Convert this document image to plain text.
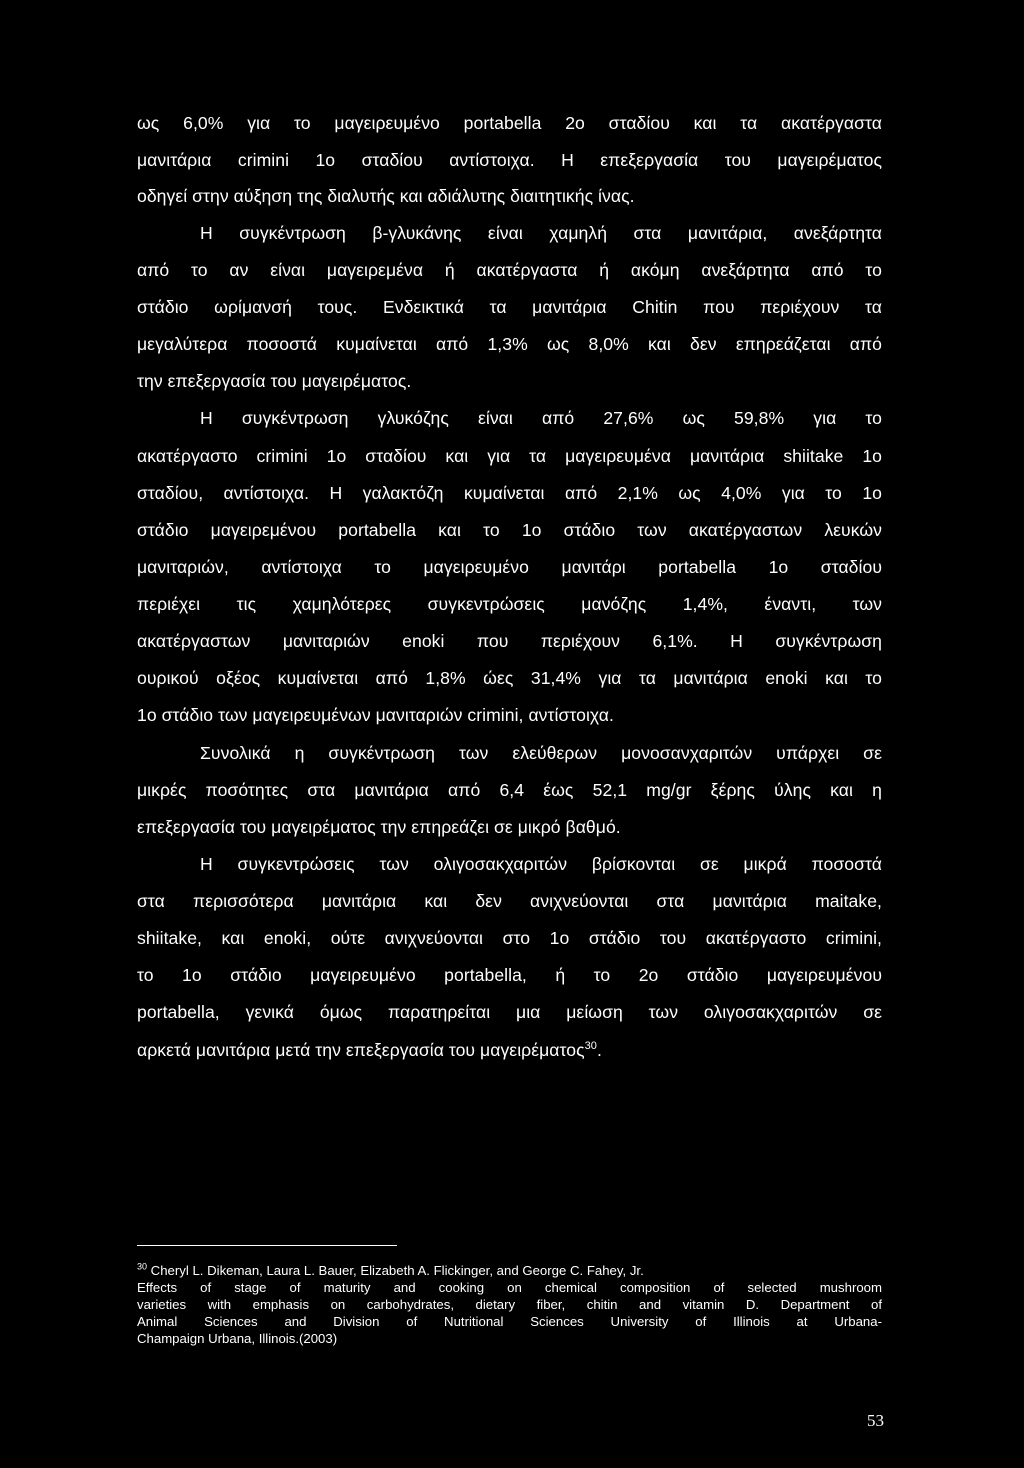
ως 6,0% για το μαγειρευμένο portabella 2ο σταδίου και τα ακατέργαστα
μανιτάρια crimini 1ο σταδίου αντίστοιχα. Η επεξεργασία του μαγειρέματος
οδηγεί στην αύξηση της διαλυτής και αδιάλυτης διαιτητικής ίνας.
Η συγκέντρωση β-γλυκάνης είναι χαμηλή στα μανιτάρια, ανεξάρτητα
από το αν είναι μαγειρεμένα ή ακατέργαστα ή ακόμη ανεξάρτητα από το
στάδιο ωρίμανσή τους. Ενδεικτικά τα μανιτάρια Chitin που περιέχουν τα
μεγαλύτερα ποσοστά κυμαίνεται από 1,3% ως 8,0% και δεν επηρεάζεται από
την επεξεργασία του μαγειρέματος.
Η συγκέντρωση γλυκόζης είναι από 27,6% ως 59,8% για το
ακατέργαστο crimini 1ο σταδίου και για τα μαγειρευμένα μανιτάρια shiitake 1ο
σταδίου, αντίστοιχα. Η γαλακτόζη κυμαίνεται από 2,1% ως 4,0% για το 1ο
στάδιο μαγειρεμένου portabella και το 1ο στάδιο των ακατέργαστων λευκών
μανιταριών, αντίστοιχα το μαγειρευμένο μανιτάρι portabella 1ο σταδίου
περιέχει τις χαμηλότερες συγκεντρώσεις μανόζης 1,4%, έναντι, των
ακατέργαστων μανιταριών enoki που περιέχουν 6,1%. Η συγκέντρωση
ουρικού οξέος κυμαίνεται από 1,8% ώες 31,4% για τα μανιτάρια enoki και το
1ο στάδιο των μαγειρευμένων μανιταριών crimini, αντίστοιχα.
Συνολικά η συγκέντρωση των ελεύθερων μονοσανχαριτών υπάρχει σε
μικρές ποσότητες στα μανιτάρια από 6,4 έως 52,1 mg/gr ξέρης ύλης και η
επεξεργασία του μαγειρέματος την επηρεάζει σε μικρό βαθμό.
Η συγκεντρώσεις των ολιγοσακχαριτών βρίσκονται σε μικρά ποσοστά
στα περισσότερα μανιτάρια και δεν ανιχνεύονται στα μανιτάρια maitake,
shiitake, και enoki, ούτε ανιχνεύονται στο 1ο στάδιο του ακατέργαστο crimini,
το 1ο στάδιο μαγειρευμένο portabella, ή το 2ο στάδιο μαγειρευμένου
portabella, γενικά όμως παρατηρείται μια μείωση των ολιγοσακχαριτών σε
αρκετά μανιτάρια μετά την επεξεργασία του μαγειρέματος$^{30}$.
$^{30}$ Cheryl L. Dikeman, Laura L. Bauer, Elizabeth A. Flickinger, and George C. Fahey, Jr.
Effects of stage of maturity and cooking on chemical composition of selected mushroom
varieties with emphasis on carbohydrates, dietary fiber, chitin and vitamin D. Department of
Animal Sciences and Division of Nutritional Sciences University of Illinois at Urbana-
Champaign Urbana, Illinois.(2003)
53
